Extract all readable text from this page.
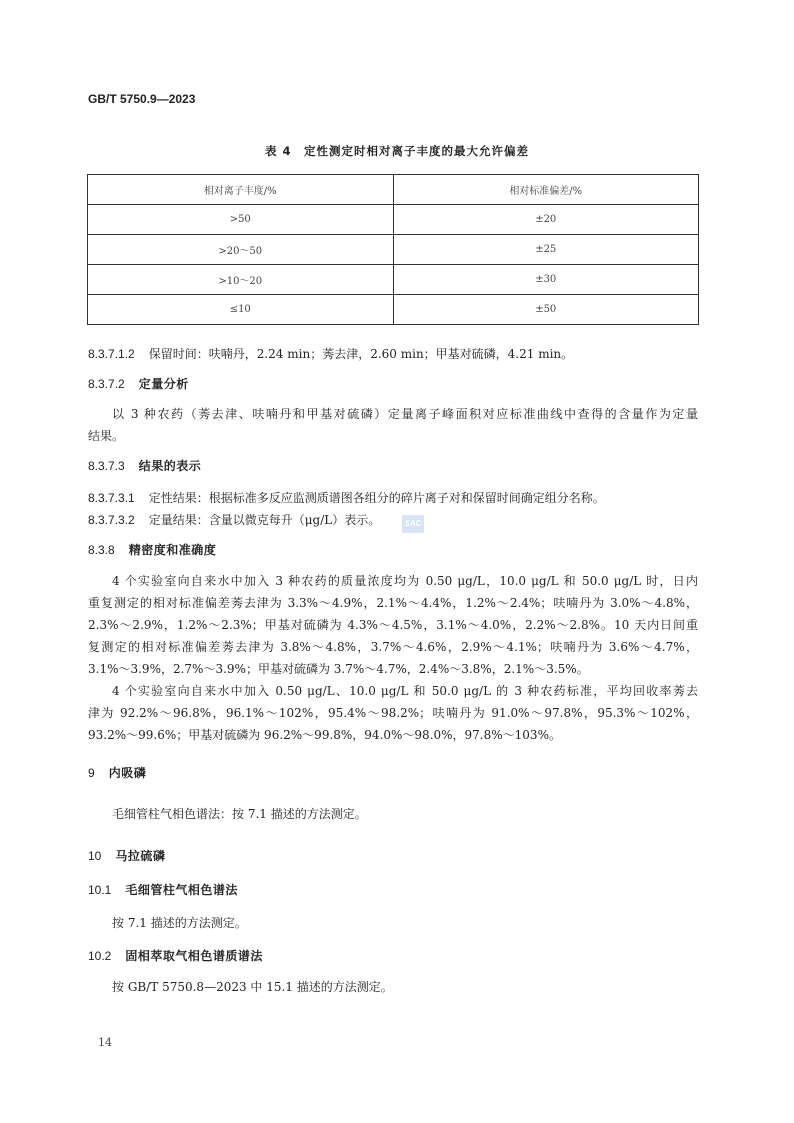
GB/T 5750.9—2023
表 4　定性测定时相对离子丰度的最大允许偏差
相对离子丰度/%	相对标准偏差/%
>50	±20
>20～50	±25
>10～20	±30
≤10	±50
8.3.7.1.2 保留时间：呋喃丹，2.24 min；莠去津，2.60 min；甲基对硫磷，4.21 min。
8.3.7.2 定量分析
以 3 种农药（莠去津、呋喃丹和甲基对硫磷）定量离子峰面积对应标准曲线中查得的含量作为定量
结果。
8.3.7.3 结果的表示
8.3.7.3.1 定性结果：根据标准多反应监测质谱图各组分的碎片离子对和保留时间确定组分名称。
8.3.7.3.2 定量结果：含量以微克每升（μg/L）表示。	SAC
8.3.8 精密度和准确度
4 个实验室向自来水中加入 3 种农药的质量浓度均为 0.50 μg/L，10.0 μg/L 和 50.0 μg/L 时，日内
重复测定的相对标准偏差莠去津为 3.3%～4.9%，2.1%～4.4%，1.2%～2.4%；呋喃丹为 3.0%～4.8%，
2.3%～2.9%，1.2%～2.3%；甲基对硫磷为 4.3%～4.5%，3.1%～4.0%，2.2%～2.8%。10 天内日间重
复测定的相对标准偏差莠去津为 3.8%～4.8%，3.7%～4.6%，2.9%～4.1%；呋喃丹为 3.6%～4.7%，
3.1%～3.9%，2.7%～3.9%；甲基对硫磷为 3.7%～4.7%，2.4%～3.8%，2.1%～3.5%。
4 个实验室向自来水中加入 0.50 μg/L、10.0 μg/L 和 50.0 μg/L 的 3 种农药标准，平均回收率莠去
津为 92.2%～96.8%，96.1%～102%，95.4%～98.2%；呋喃丹为 91.0%～97.8%，95.3%～102%，
93.2%～99.6%；甲基对硫磷为 96.2%～99.8%，94.0%～98.0%，97.8%～103%。
9 内吸磷
毛细管柱气相色谱法：按 7.1 描述的方法测定。
10 马拉硫磷
10.1 毛细管柱气相色谱法
按 7.1 描述的方法测定。
10.2 固相萃取气相色谱质谱法
按 GB/T 5750.8—2023 中 15.1 描述的方法测定。
14
